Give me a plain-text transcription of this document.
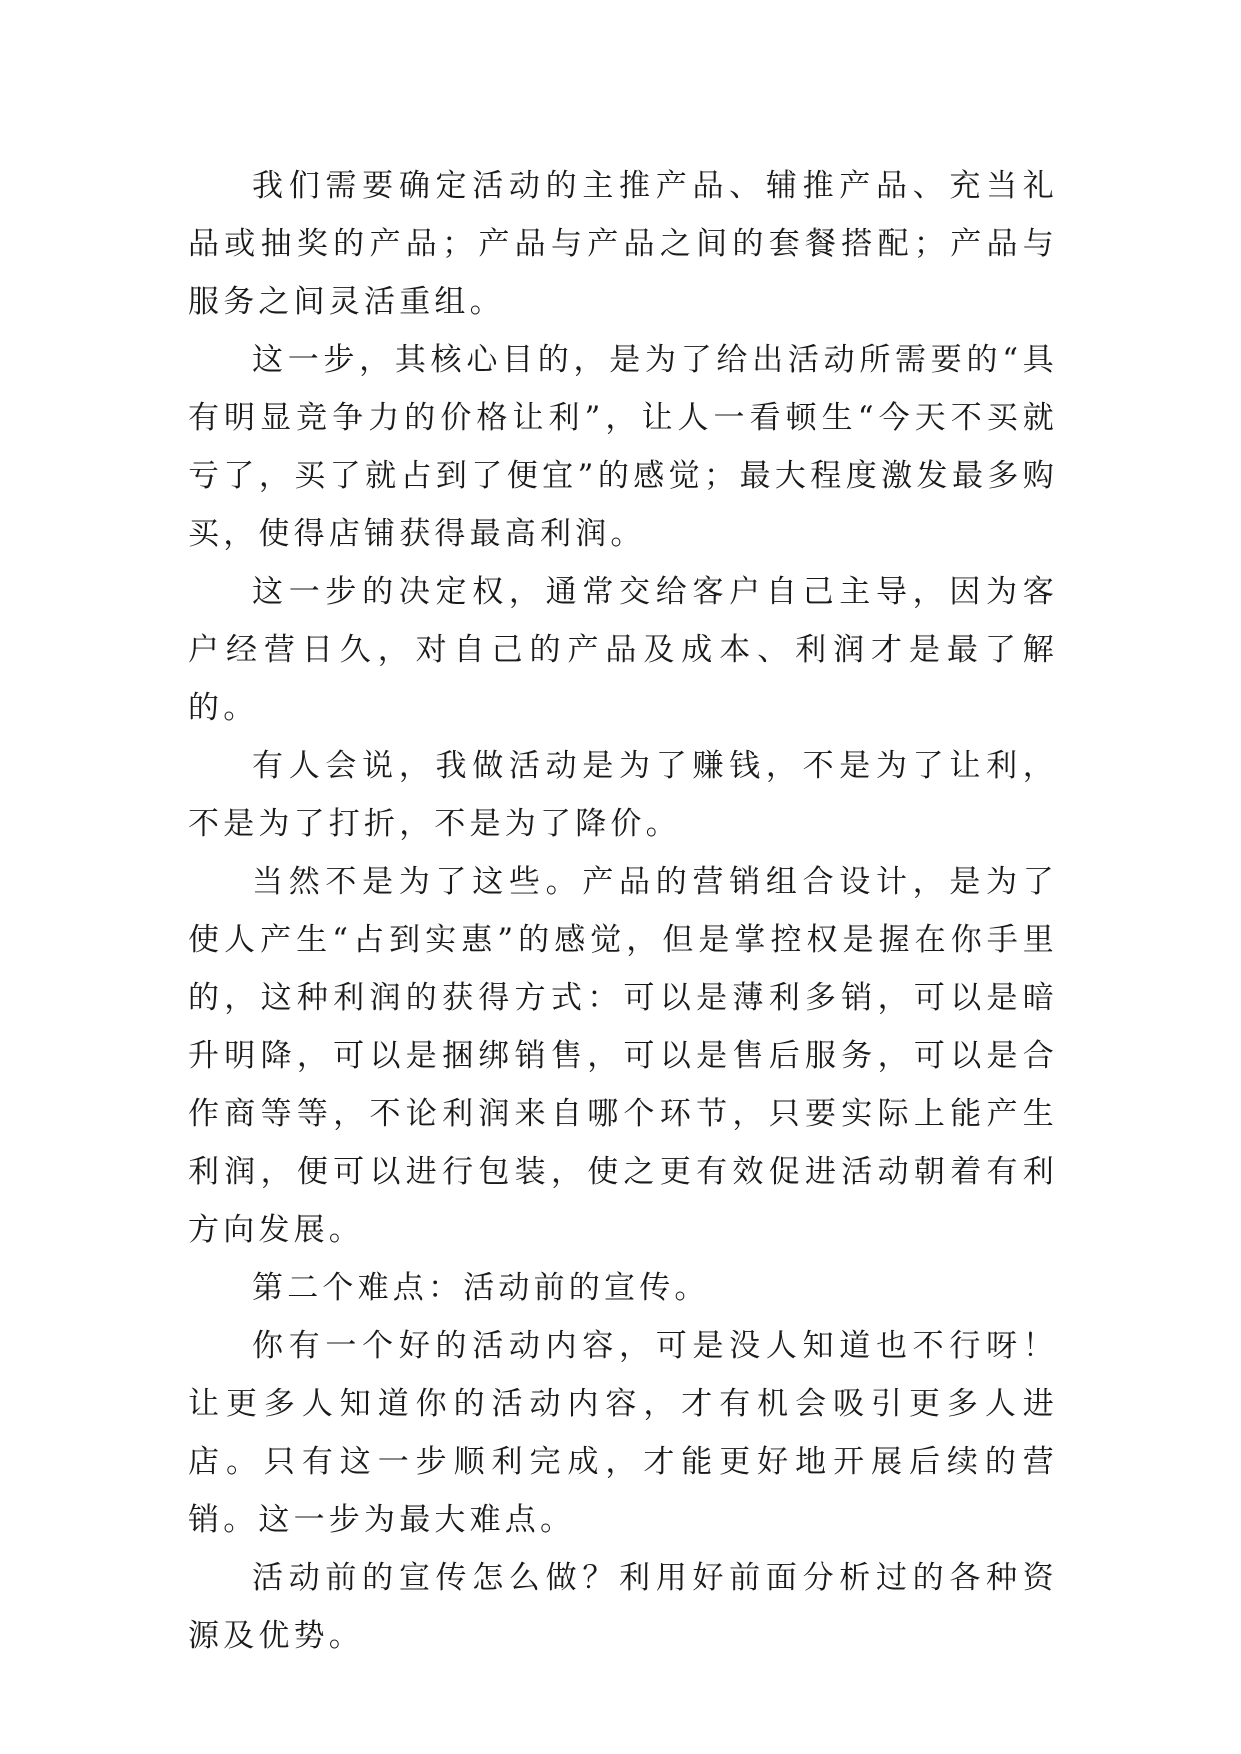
我们需要确定活动的主推产品、辅推产品、充当礼品或抽奖的产品；产品与产品之间的套餐搭配；产品与服务之间灵活重组。

这一步，其核心目的，是为了给出活动所需要的“具有明显竞争力的价格让利”，让人一看顿生“今天不买就亏了，买了就占到了便宜”的感觉；最大程度激发最多购买，使得店铺获得最高利润。

这一步的决定权，通常交给客户自己主导，因为客户经营日久，对自己的产品及成本、利润才是最了解的。

有人会说，我做活动是为了赚钱，不是为了让利，不是为了打折，不是为了降价。

当然不是为了这些。产品的营销组合设计，是为了使人产生“占到实惠”的感觉，但是掌控权是握在你手里的，这种利润的获得方式：可以是薄利多销，可以是暗升明降，可以是捆绑销售，可以是售后服务，可以是合作商等等，不论利润来自哪个环节，只要实际上能产生利润，便可以进行包装，使之更有效促进活动朝着有利方向发展。

第二个难点：活动前的宣传。

你有一个好的活动内容，可是没人知道也不行呀！让更多人知道你的活动内容，才有机会吸引更多人进店。只有这一步顺利完成，才能更好地开展后续的营销。这一步为最大难点。

活动前的宣传怎么做？利用好前面分析过的各种资源及优势。
